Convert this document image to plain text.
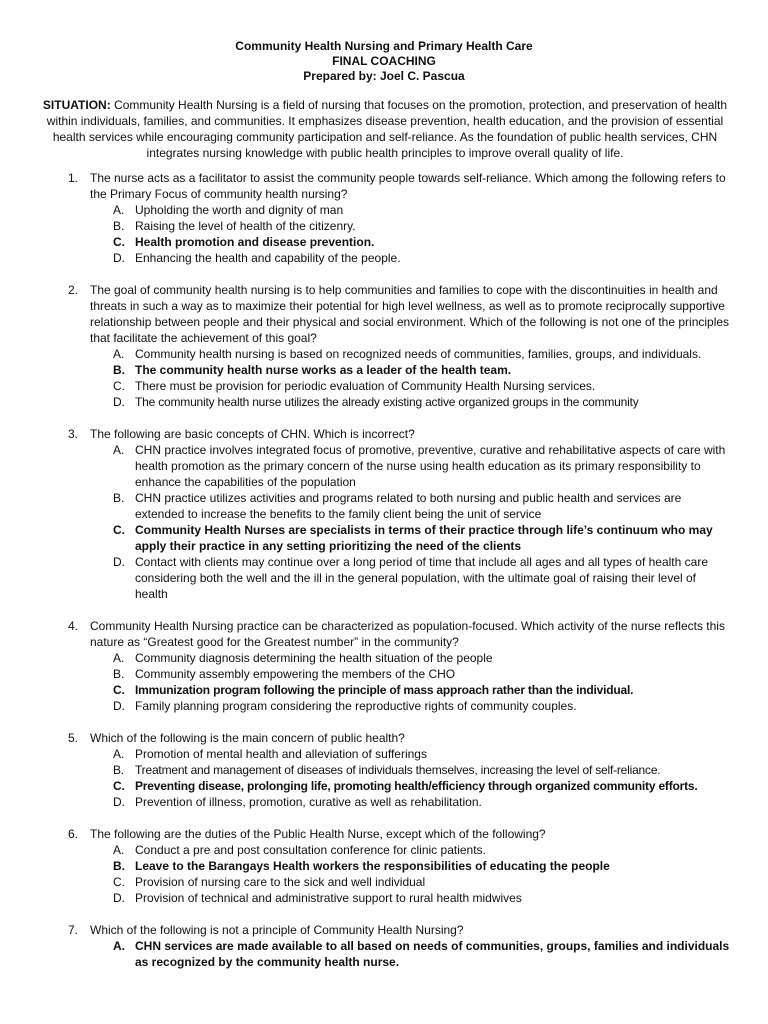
Community Health Nursing and Primary Health Care
FINAL COACHING
Prepared by: Joel C. Pascua
SITUATION: Community Health Nursing is a field of nursing that focuses on the promotion, protection, and preservation of health within individuals, families, and communities. It emphasizes disease prevention, health education, and the provision of essential health services while encouraging community participation and self-reliance. As the foundation of public health services, CHN integrates nursing knowledge with public health principles to improve overall quality of life.
1. The nurse acts as a facilitator to assist the community people towards self-reliance. Which among the following refers to the Primary Focus of community health nursing?
A. Upholding the worth and dignity of man
B. Raising the level of health of the citizenry.
C. Health promotion and disease prevention.
D. Enhancing the health and capability of the people.
2. The goal of community health nursing is to help communities and families to cope with the discontinuities in health and threats in such a way as to maximize their potential for high level wellness, as well as to promote reciprocally supportive relationship between people and their physical and social environment. Which of the following is not one of the principles that facilitate the achievement of this goal?
A. Community health nursing is based on recognized needs of communities, families, groups, and individuals.
B. The community health nurse works as a leader of the health team.
C. There must be provision for periodic evaluation of Community Health Nursing services.
D. The community health nurse utilizes the already existing active organized groups in the community
3. The following are basic concepts of CHN. Which is incorrect?
A. CHN practice involves integrated focus of promotive, preventive, curative and rehabilitative aspects of care with health promotion as the primary concern of the nurse using health education as its primary responsibility to enhance the capabilities of the population
B. CHN practice utilizes activities and programs related to both nursing and public health and services are extended to increase the benefits to the family client being the unit of service
C. Community Health Nurses are specialists in terms of their practice through life’s continuum who may apply their practice in any setting prioritizing the need of the clients
D. Contact with clients may continue over a long period of time that include all ages and all types of health care considering both the well and the ill in the general population, with the ultimate goal of raising their level of health
4. Community Health Nursing practice can be characterized as population-focused. Which activity of the nurse reflects this nature as “Greatest good for the Greatest number” in the community?
A. Community diagnosis determining the health situation of the people
B. Community assembly empowering the members of the CHO
C. Immunization program following the principle of mass approach rather than the individual.
D. Family planning program considering the reproductive rights of community couples.
5. Which of the following is the main concern of public health?
A. Promotion of mental health and alleviation of sufferings
B. Treatment and management of diseases of individuals themselves, increasing the level of self-reliance.
C. Preventing disease, prolonging life, promoting health/efficiency through organized community efforts.
D. Prevention of illness, promotion, curative as well as rehabilitation.
6. The following are the duties of the Public Health Nurse, except which of the following?
A. Conduct a pre and post consultation conference for clinic patients.
B. Leave to the Barangays Health workers the responsibilities of educating the people
C. Provision of nursing care to the sick and well individual
D. Provision of technical and administrative support to rural health midwives
7. Which of the following is not a principle of Community Health Nursing?
A. CHN services are made available to all based on needs of communities, groups, families and individuals as recognized by the community health nurse.
